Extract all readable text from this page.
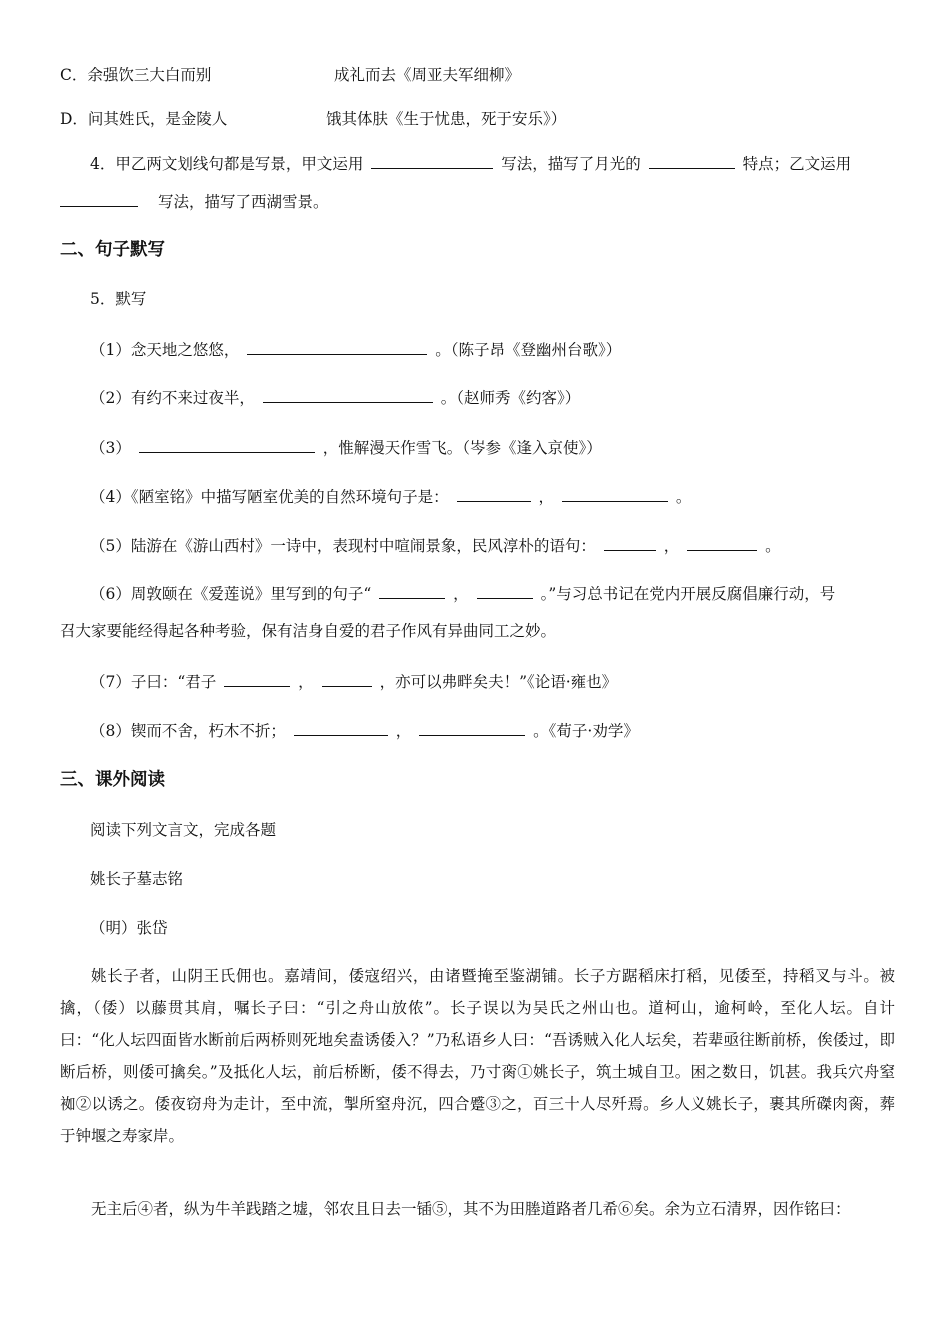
C．余强饮三大白而别	成礼而去《周亚夫军细柳》
D．问其姓氏，是金陵人	饿其体肤《生于忧患，死于安乐》）
4．甲乙两文划线句都是写景，甲文运用	写法，描写了月光的	特点；乙文运用
写法，描写了西湖雪景。
二、句子默写
5．默写
（1）念天地之悠悠，	。（陈子昂《登幽州台歌》）
（2）有约不来过夜半，	。（赵师秀《约客》）
（3）	，惟解漫天作雪飞。（岑参《逢入京使》）
（4）《陋室铭》中描写陋室优美的自然环境句子是：	，	。
（5）陆游在《游山西村》一诗中，表现村中喧闹景象，民风淳朴的语句：	，	。
（6）周敦颐在《爱莲说》里写到的句子“	，	。”与习总书记在党内开展反腐倡廉行动，号
召大家要能经得起各种考验，保有洁身自爱的君子作风有异曲同工之妙。
（7）子曰：“君子	，	，亦可以弗畔矣夫！”《论语·雍也》
（8）锲而不舍，朽木不折；	，	。《荀子·劝学》
三、课外阅读
阅读下列文言文，完成各题
姚长子墓志铭
（明）张岱
姚长子者，山阴王氏佣也。嘉靖间，倭寇绍兴，由诸暨掩至鉴湖铺。长子方踞稻床打稻，见倭至，持稻叉与斗。被擒，（倭）以藤贯其肩，嘱长子曰：“引之舟山放侬”。长子误以为吴氏之州山也。道柯山，逾柯岭，至化人坛。自计曰：“化人坛四面皆水断前后两桥则死地矣盍诱倭入？”乃私语乡人曰：“吾诱贼入化人坛矣，若辈亟往断前桥，俟倭过，即断后桥，则倭可擒矣。”及抵化人坛，前后桥断，倭不得去，乃寸脔①姚长子，筑土城自卫。困之数日，饥甚。我兵穴舟窒袽②以诱之。倭夜窃舟为走计，至中流，掣所窒舟沉，四合蹙③之，百三十人尽歼焉。乡人义姚长子，裹其所磔肉脔，葬于钟堰之寿家岸。
无主后④者，纵为牛羊践踏之墟，邻农且日去一锸⑤，其不为田塍道路者几希⑥矣。余为立石清界，因作铭曰：
